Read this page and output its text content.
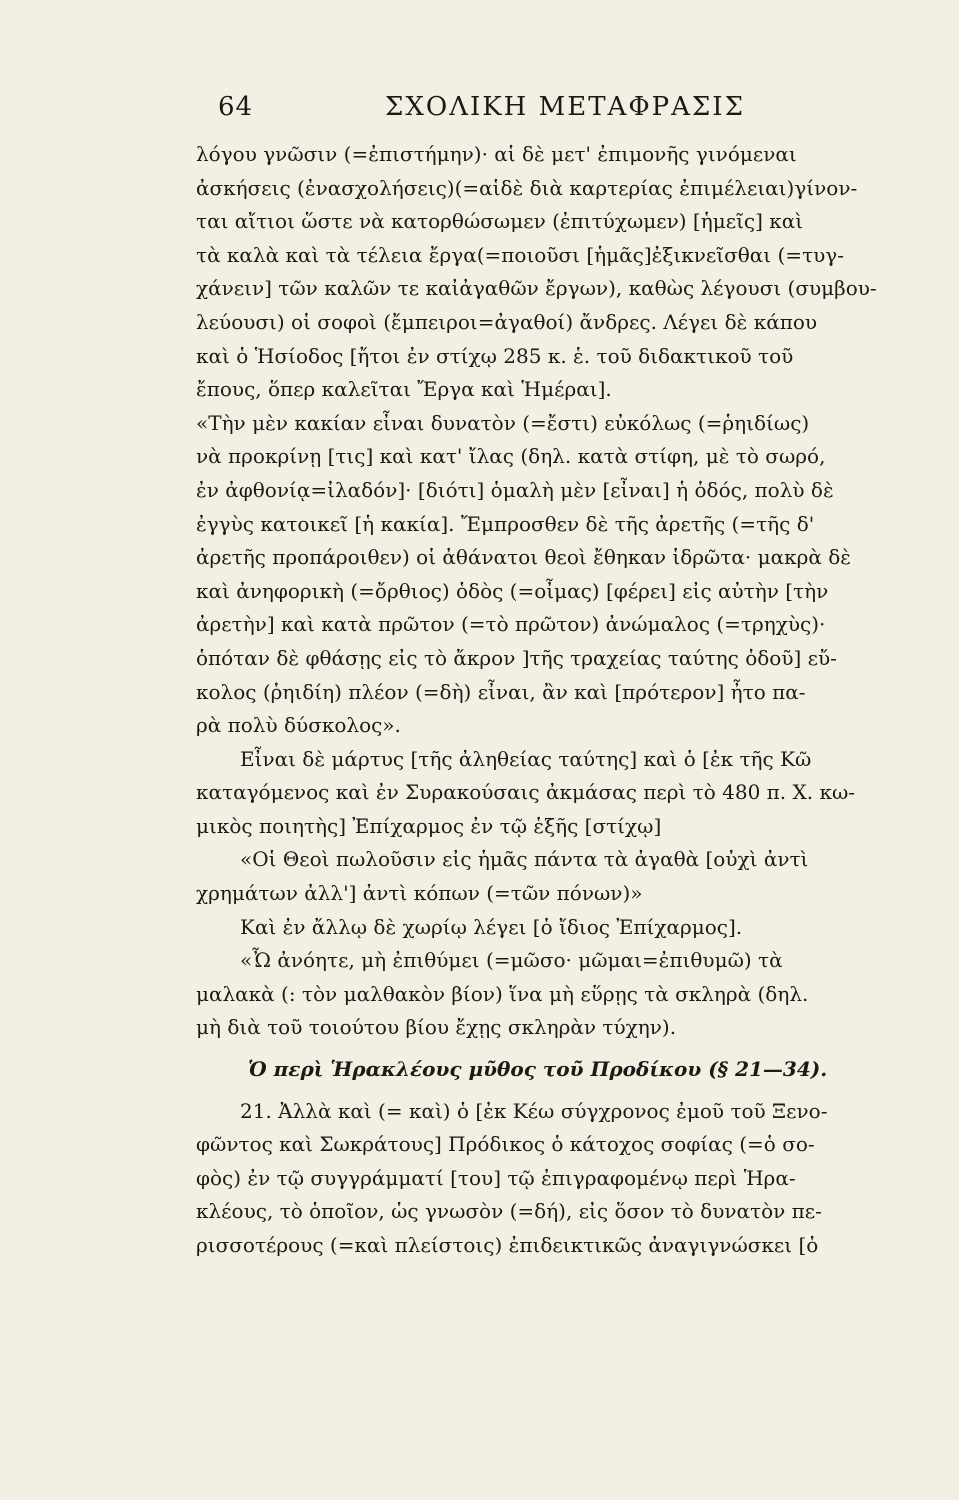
64	ΣΧΟΛΙΚΗ ΜΕΤΑΦΡΑΣΙΣ
λόγου γνῶσιν (=ἐπιστήμην)· αἱ δὲ μετ' ἐπιμονῆς γινόμεναι
ἀσκήσεις (ἐνασχολήσεις)(=αἱδὲ διὰ καρτερίας ἐπιμέλειαι)γίνον-
ται αἴτιοι ὥστε νὰ κατορθώσωμεν (ἐπιτύχωμεν) [ἡμεῖς] καὶ
τὰ καλὰ καὶ τὰ τέλεια ἔργα(=ποιοῦσι [ἡμᾶς]ἐξικνεῖσθαι (=τυγ-
χάνειν] τῶν καλῶν τε καἰἀγαθῶν ἔργων), καθὼς λέγουσι (συμβου-
λεύουσι) οἱ σοφοὶ (ἔμπειροι=ἀγαθοί) ἄνδρες. Λέγει δὲ κάπου
καὶ ὁ Ἡσίοδος [ἤτοι ἐν στίχῳ 285 κ. ἑ. τοῦ διδακτικοῦ τοῦ
ἔπους, ὅπερ καλεῖται Ἔργα καὶ Ἡμέραι].
«Τὴν μὲν κακίαν εἶναι δυνατὸν (=ἔστι) εὐκόλως (=ῥηιδίως)
νὰ προκρίνῃ [τις] καὶ κατ' ἴλας (δηλ. κατὰ στίφη, μὲ τὸ σωρό,
ἐν ἀφθονίᾳ=ἰλαδόν]· [διότι] ὁμαλὴ μὲν [εἶναι] ἡ ὁδός, πολὺ δὲ
ἐγγὺς κατοικεῖ [ἡ κακία]. Ἔμπροσθεν δὲ τῆς ἀρετῆς (=τῆς δ'
ἀρετῆς προπάροιθεν) οἱ ἀθάνατοι θεοὶ ἔθηκαν ἱδρῶτα· μακρὰ δὲ
καὶ ἀνηφορικὴ (=ὄρθιος) ὁδὸς (=οἶμας) [φέρει] εἰς αὐτὴν [τὴν
ἀρετὴν] καὶ κατὰ πρῶτον (=τὸ πρῶτον) ἀνώμαλος (=τρηχὺς)·
ὁπόταν δὲ φθάσῃς εἰς τὸ ἄκρον ]τῆς τραχείας ταύτης ὁδοῦ] εὔ-
κολος (ῥηιδίη) πλέον (=δὴ) εἶναι, ἂν καὶ [πρότερον] ἦτο πα-
ρὰ πολὺ δύσκολος».
Εἶναι δὲ μάρτυς [τῆς ἀληθείας ταύτης] καὶ ὁ [ἐκ τῆς Κῶ
καταγόμενος καὶ ἐν Συρακούσαις ἀκμάσας περὶ τὸ 480 π. Χ. κω-
μικὸς ποιητὴς] Ἐπίχαρμος ἐν τῷ ἑξῆς [στίχῳ]
«Οἱ Θεοὶ πωλοῦσιν εἰς ἡμᾶς πάντα τὰ ἀγαθὰ [οὐχὶ ἀντὶ
χρημάτων ἀλλ'] ἀντὶ κόπων (=τῶν πόνων)»
Καὶ ἐν ἄλλῳ δὲ χωρίῳ λέγει [ὁ ἴδιος Ἐπίχαρμος].
«Ὦ ἀνόητε, μὴ ἐπιθύμει (=μῶσο· μῶμαι=ἐπιθυμῶ) τὰ
μαλακὰ (: τὸν μαλθακὸν βίον) ἵνα μὴ εὕρῃς τὰ σκληρὰ (δηλ.
μὴ διὰ τοῦ τοιούτου βίου ἔχῃς σκληρὰν τύχην).
Ὁ περὶ Ἡρακλέους μῦθος τοῦ Προδίκου (§ 21—34).
21. Ἀλλὰ καὶ (= καὶ) ὁ [ἐκ Κέω σύγχρονος ἐμοῦ τοῦ Ξενο-
φῶντος καὶ Σωκράτους] Πρόδικος ὁ κάτοχος σοφίας (=ὁ σο-
φὸς) ἐν τῷ συγγράμματί [του] τῷ ἐπιγραφομένῳ περὶ Ἡρα-
κλέους, τὸ ὁποῖον, ὡς γνωσὸν (=δή), εἰς ὅσον τὸ δυνατὸν πε-
ρισσοτέρους (=καὶ πλείστοις) ἐπιδεικτικῶς ἀναγιγνώσκει [ὁ
